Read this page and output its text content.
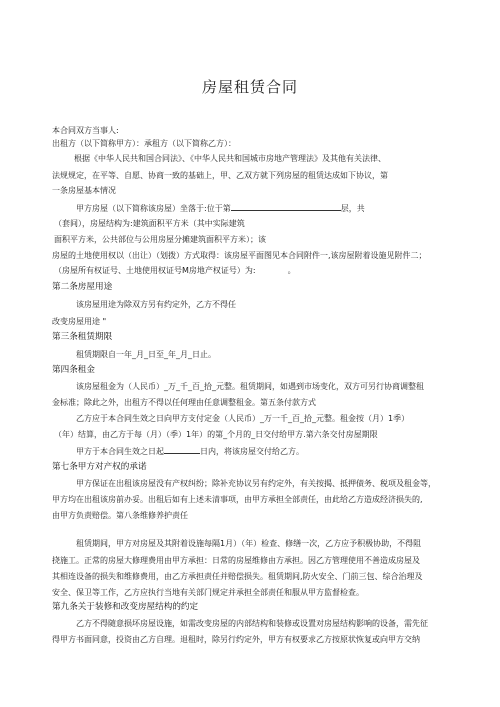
房屋租赁合同
本合同双方当事人:
出租方（以下简称甲方）：承租方（以下简称乙方）：
根据《中华人民共和国合同法》、《中华人民共和国城市房地产管理法》及其他有关法律、
法规规定，在平等、自愿、协商一致的基础上，甲、乙双方就下列房屋的租赁达成如下协议，第
一条房屋基本情况
甲方房屋（以下简称该房屋）坐落于:位于第	层，共
（套间），房屋结构为:建筑面积平方米（其中实际建筑
面积平方米，公共部位与公用房屋分摊建筑面积平方米）；该
房屋的土地使用权以（出让）（划拨）方式取得：该房屋平面图见本合同附件一,该房屋附着设施见附件二；
（房屋所有权证号、土地使用权证号M房地产权证号）为:	。
第二条房屋用途
该房屋用途为除双方另有约定外，乙方不得任
改变房屋用途 "
第三条租赁期限
租赁期限自一年_月_日至_年_月_日止。
第四条租金
该房屋租金为（人民币）_万_千_百_拾_元整。租赁期间，如遇到市场变化，双方可另行协商调整租
金标准；除此之外，出租方不得以任何理由任意调整租金。第五条付款方式
乙方应于本合同生效之日向甲方支付定金（人民币）_万一千_百_拾_元整。租金按（月）1季）
（年）结算，由乙方于每（月）（季）1年）的第_个月的_日交付给甲方.第六条交付房屋期限
甲方于本合同生效之日起	日内，将该房屋交付给乙方。
第七条甲方对产权的承诺
甲方保证在出租该房屋没有产权纠纷；除补充协议另有约定外，有关按揭、抵押债务、税项及租金等，
甲方均在出租该房前办妥。出租后如有上述未清事项，由甲方承担全部责任，由此给乙方造成经济损失的,
由甲方负责赔偿。第八条维修养护责任
租赁期间，甲方对房屋及其附着设施每隔1月）（年）检查、修缮一次，乙方应予积极协助，不得阻
挠施工。正常的房屋大修理费用由甲方承担：日常的房屋维修由方承担。因乙方管理使用不善造成房屋及
其相连设备的损失和维修费用，由乙方承担责任并赔偿损失。租赁期间,防火安全、门前三包、综合治理及
安全、保卫等工作，乙方应执行当地有关部门规定并承担全部责任和服从甲方监督检查。
第九条关于装修和改变房屋结构的约定
乙方不得随意损坏房屋设施，如需改变房屋的内部结构和装修或设置对房屋结构影响的设备，需先征
得甲方书面同意，投资由乙方自理。退租时，除另行约定外，甲方有权要求乙方按原状恢复或向甲方交纳
